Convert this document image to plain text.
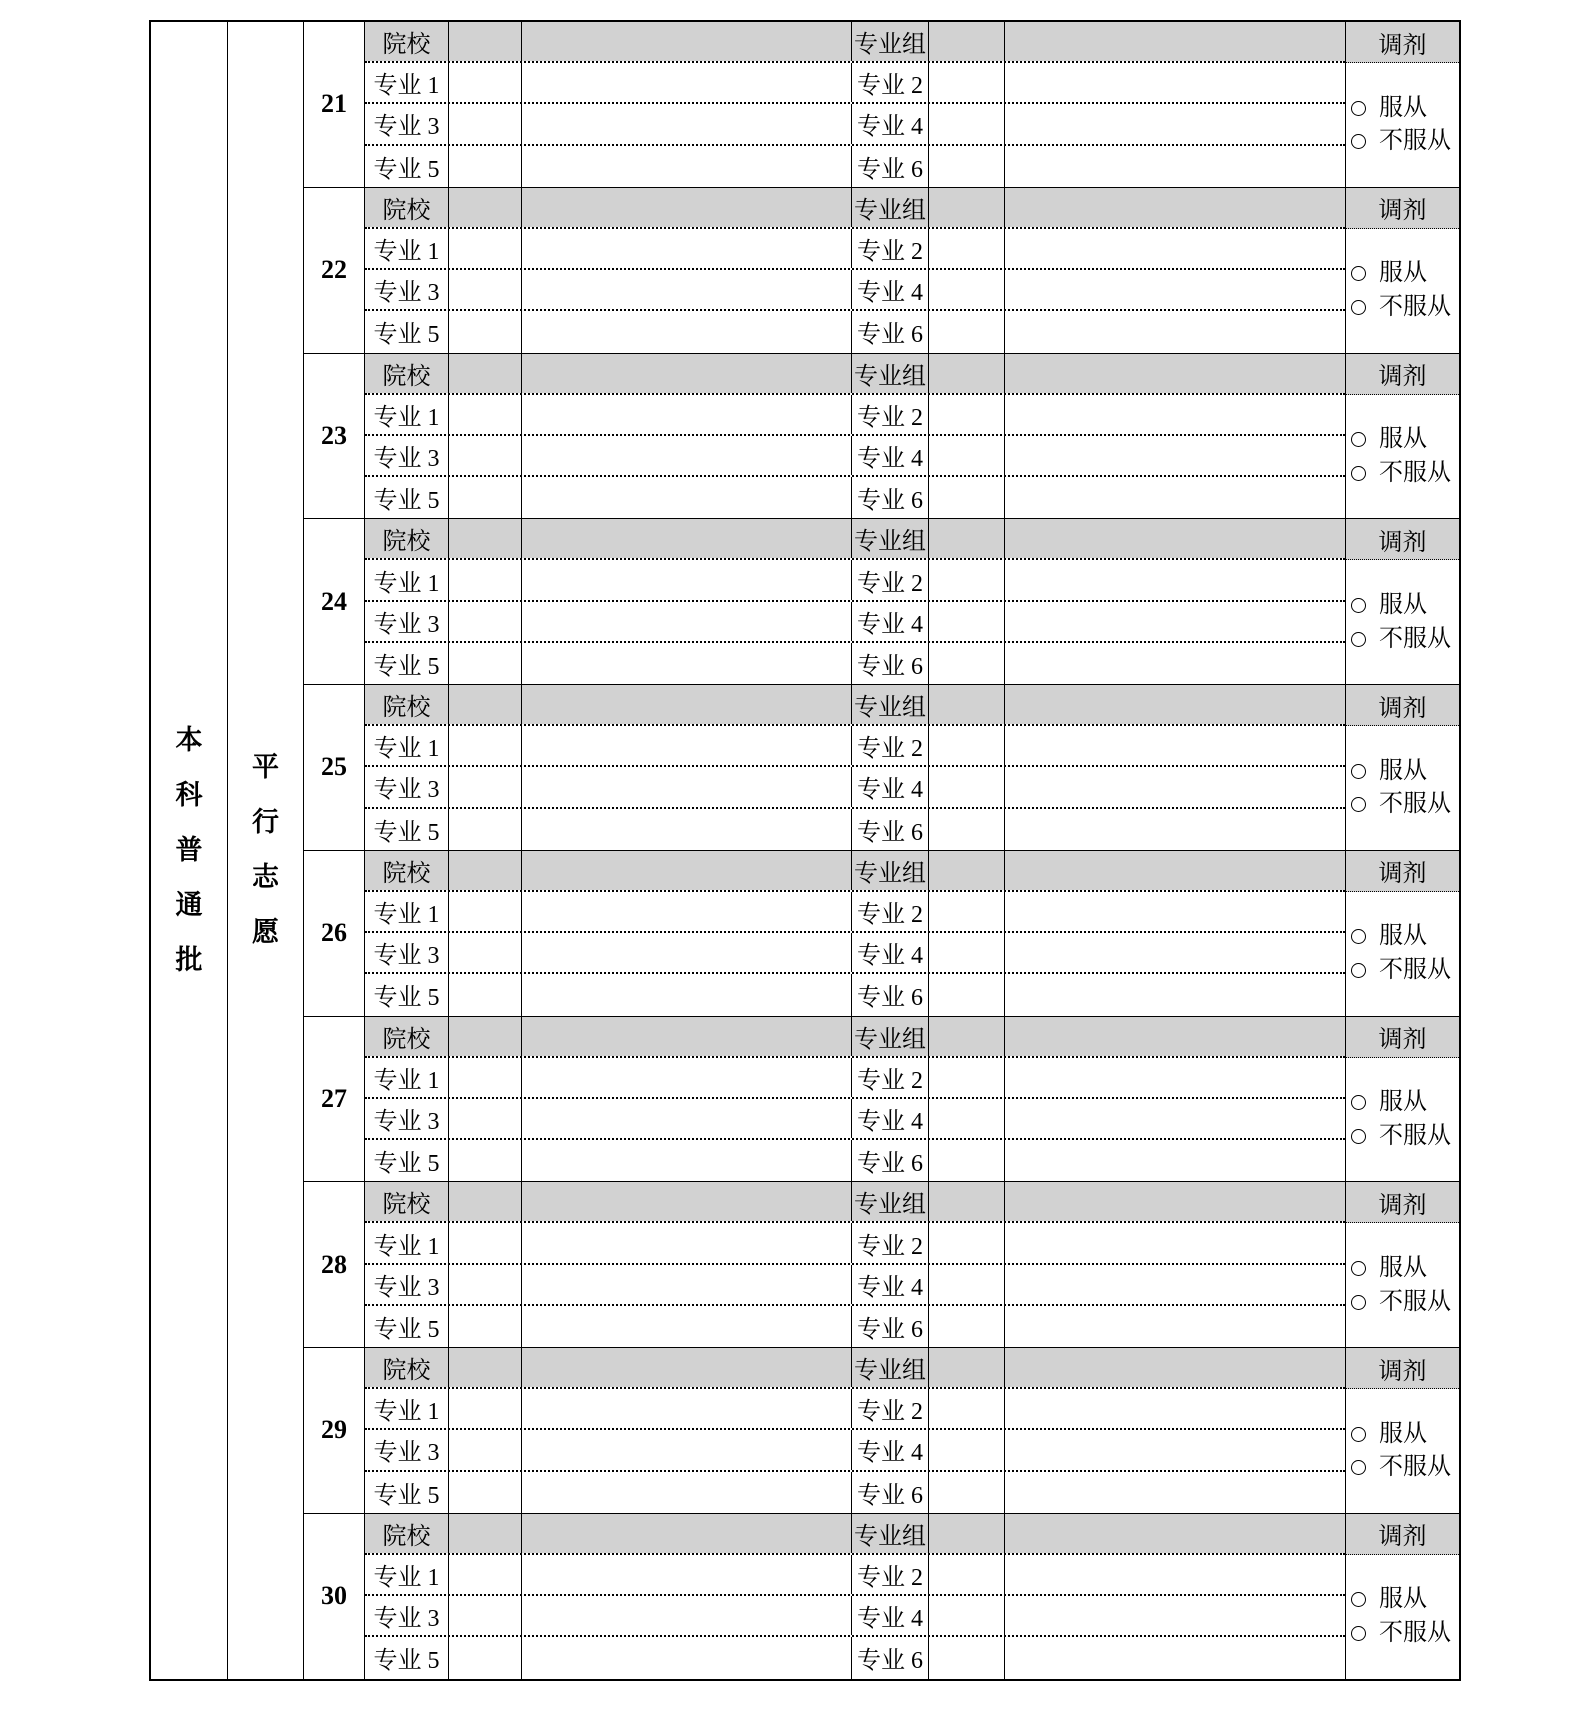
本
科
普
通
批
平
行
志
愿
21
院校	专业组
专业 1	专业 2
专业 3	专业 4
专业 5	专业 6
调剂
服从
不服从
22
院校	专业组
专业 1	专业 2
专业 3	专业 4
专业 5	专业 6
调剂
服从
不服从
23
院校	专业组
专业 1	专业 2
专业 3	专业 4
专业 5	专业 6
调剂
服从
不服从
24
院校	专业组
专业 1	专业 2
专业 3	专业 4
专业 5	专业 6
调剂
服从
不服从
25
院校	专业组
专业 1	专业 2
专业 3	专业 4
专业 5	专业 6
调剂
服从
不服从
26
院校	专业组
专业 1	专业 2
专业 3	专业 4
专业 5	专业 6
调剂
服从
不服从
27
院校	专业组
专业 1	专业 2
专业 3	专业 4
专业 5	专业 6
调剂
服从
不服从
28
院校	专业组
专业 1	专业 2
专业 3	专业 4
专业 5	专业 6
调剂
服从
不服从
29
院校	专业组
专业 1	专业 2
专业 3	专业 4
专业 5	专业 6
调剂
服从
不服从
30
院校	专业组
专业 1	专业 2
专业 3	专业 4
专业 5	专业 6
调剂
服从
不服从
